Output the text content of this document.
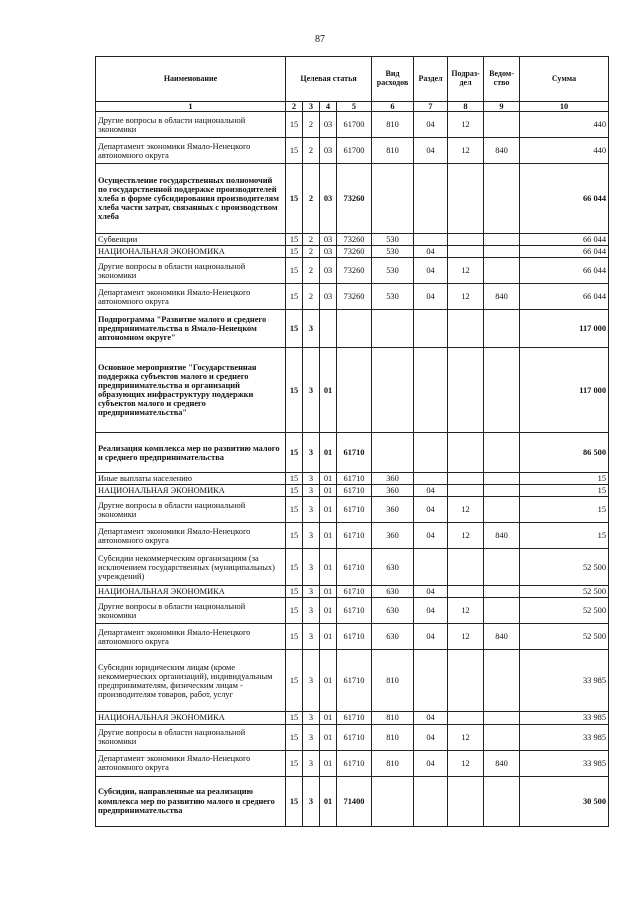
87
Наименование	Целевая статья				Вид расходов	Раздел	Подраз-дел	Ведом-ство	Сумма
1	2	3	4	5	6	7	8	9	10
Другие вопросы в области национальной экономики	15	2	03	61700	810	04	12		440
Департамент экономики Ямало-Ненецкого автономного округа	15	2	03	61700	810	04	12	840	440
Осуществление государственных полномочий по государственной поддержке производителей хлеба в форме субсидирования производителям хлеба части затрат, связанных с производством хлеба	15	2	03	73260					66 044
Субвенции	15	2	03	73260	530				66 044
НАЦИОНАЛЬНАЯ ЭКОНОМИКА	15	2	03	73260	530	04			66 044
Другие вопросы в области национальной экономики	15	2	03	73260	530	04	12		66 044
Департамент экономики Ямало-Ненецкого автономного округа	15	2	03	73260	530	04	12	840	66 044
Подпрограмма "Развитие малого и среднего предпринимательства в Ямало-Ненецком автономном округе"	15	3							117 000
Основное мероприятие "Государственная поддержка субъектов малого и среднего предпринимательства и организаций образующих инфраструктуру поддержки субъектов малого и среднего предпринимательства"	15	3	01						117 000
Реализация комплекса мер по развитию малого и среднего предпринимательства	15	3	01	61710					86 500
Иные выплаты населению	15	3	01	61710	360				15
НАЦИОНАЛЬНАЯ ЭКОНОМИКА	15	3	01	61710	360	04			15
Другие вопросы в области национальной экономики	15	3	01	61710	360	04	12		15
Департамент экономики Ямало-Ненецкого автономного округа	15	3	01	61710	360	04	12	840	15
Субсидии некоммерческим организациям (за исключением государственных (муниципальных) учреждений)	15	3	01	61710	630				52 500
НАЦИОНАЛЬНАЯ ЭКОНОМИКА	15	3	01	61710	630	04			52 500
Другие вопросы в области национальной экономики	15	3	01	61710	630	04	12		52 500
Департамент экономики Ямало-Ненецкого автономного округа	15	3	01	61710	630	04	12	840	52 500
Субсидии юридическим лицам (кроме некоммерческих организаций), индивидуальным предпринимателям, физическим лицам - производителям товаров, работ, услуг	15	3	01	61710	810				33 985
НАЦИОНАЛЬНАЯ ЭКОНОМИКА	15	3	01	61710	810	04			33 985
Другие вопросы в области национальной экономики	15	3	01	61710	810	04	12		33 985
Департамент экономики Ямало-Ненецкого автономного округа	15	3	01	61710	810	04	12	840	33 985
Субсидии, направленные на реализацию комплекса мер по развитию малого и среднего предпринимательства	15	3	01	71400					30 500
